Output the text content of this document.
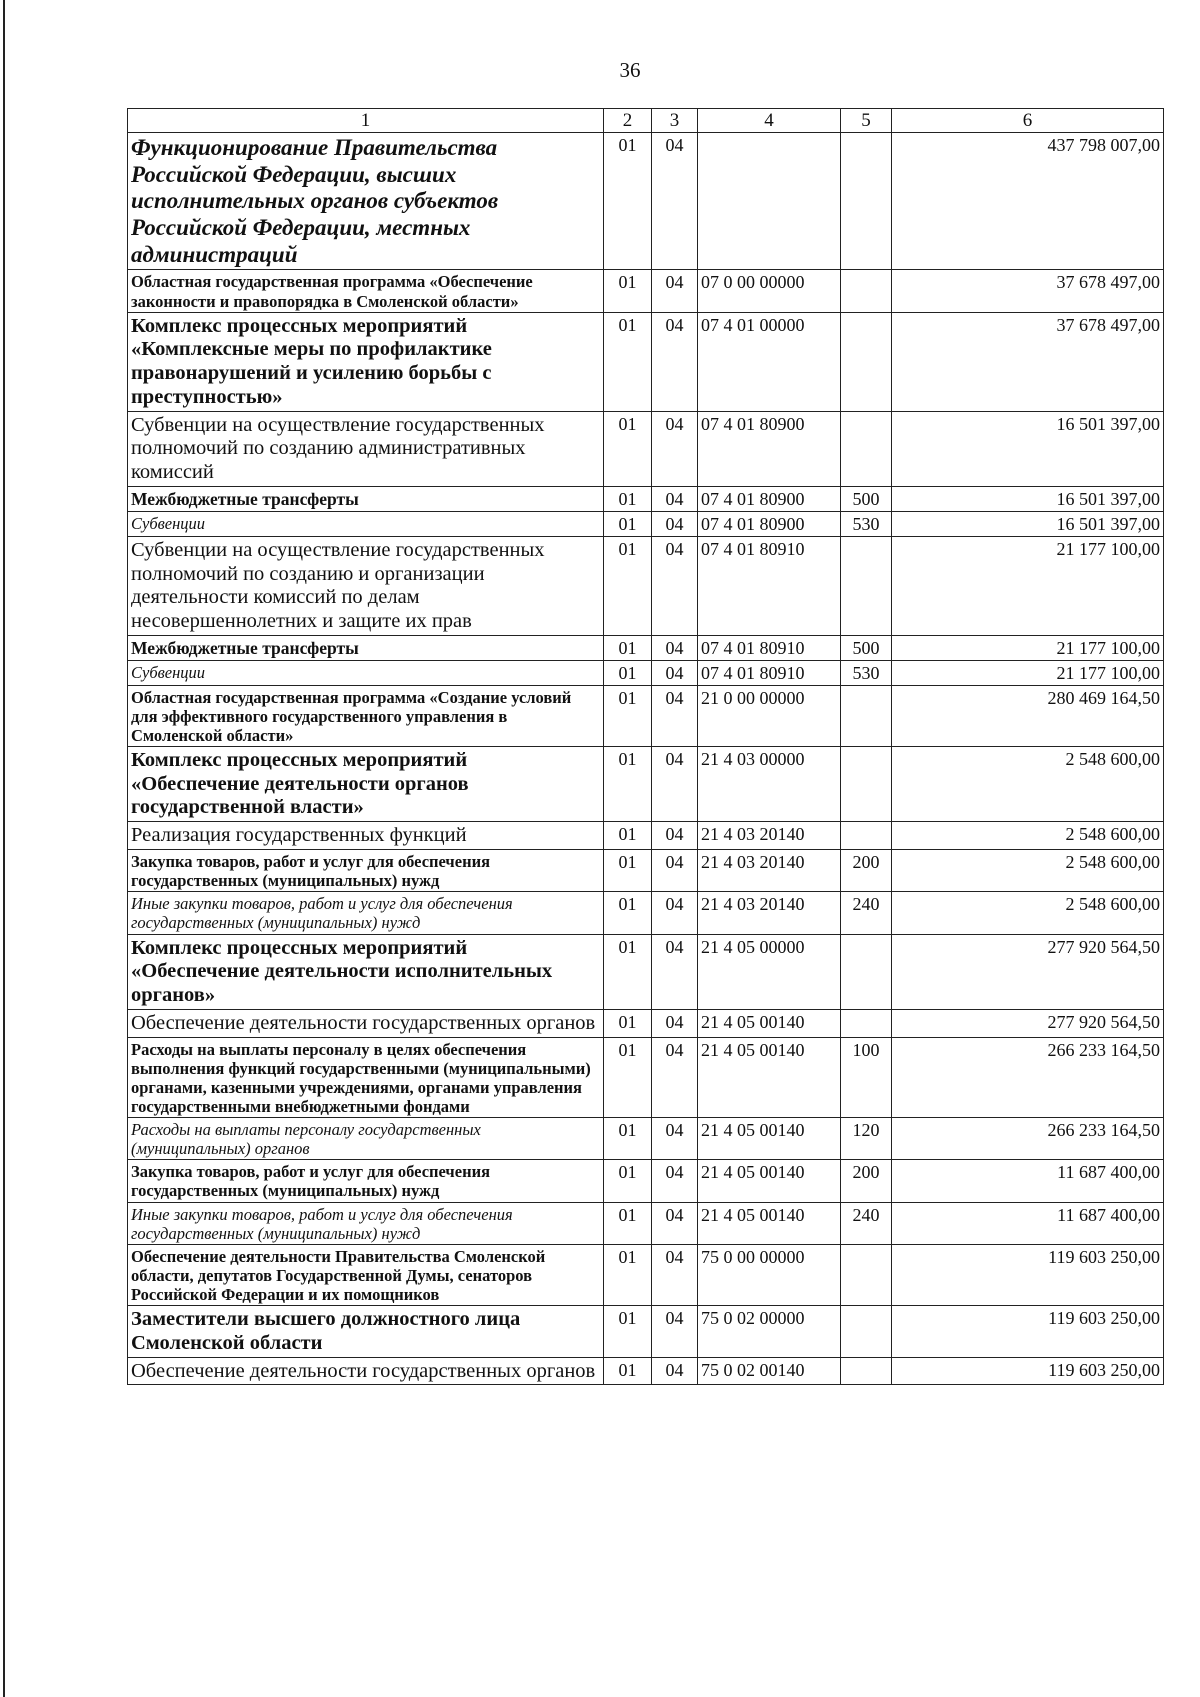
36
1	2	3	4	5	6
Функционирование Правительства Российской Федерации, высших исполнительных органов субъектов Российской Федерации, местных администраций	01	04			437 798 007,00
Областная государственная программа «Обеспечение законности и правопорядка в Смоленской области»	01	04	07 0 00 00000		37 678 497,00
Комплекс процессных мероприятий «Комплексные меры по профилактике правонарушений и усилению борьбы с преступностью»	01	04	07 4 01 00000		37 678 497,00
Субвенции на осуществление государственных полномочий по созданию административных комиссий	01	04	07 4 01 80900		16 501 397,00
Межбюджетные трансферты	01	04	07 4 01 80900	500	16 501 397,00
Субвенции	01	04	07 4 01 80900	530	16 501 397,00
Субвенции на осуществление государственных полномочий по созданию и организации деятельности комиссий по делам несовершеннолетних и защите их прав	01	04	07 4 01 80910		21 177 100,00
Межбюджетные трансферты	01	04	07 4 01 80910	500	21 177 100,00
Субвенции	01	04	07 4 01 80910	530	21 177 100,00
Областная государственная программа «Создание условий для эффективного государственного управления в Смоленской области»	01	04	21 0 00 00000		280 469 164,50
Комплекс процессных мероприятий «Обеспечение деятельности органов государственной власти»	01	04	21 4 03 00000		2 548 600,00
Реализация государственных функций	01	04	21 4 03 20140		2 548 600,00
Закупка товаров, работ и услуг для обеспечения государственных (муниципальных) нужд	01	04	21 4 03 20140	200	2 548 600,00
Иные закупки товаров, работ и услуг для обеспечения государственных (муниципальных) нужд	01	04	21 4 03 20140	240	2 548 600,00
Комплекс процессных мероприятий «Обеспечение деятельности исполнительных органов»	01	04	21 4 05 00000		277 920 564,50
Обеспечение деятельности государственных органов	01	04	21 4 05 00140		277 920 564,50
Расходы на выплаты персоналу в целях обеспечения выполнения функций государственными (муниципальными) органами, казенными учреждениями, органами управления государственными внебюджетными фондами	01	04	21 4 05 00140	100	266 233 164,50
Расходы на выплаты персоналу государственных (муниципальных) органов	01	04	21 4 05 00140	120	266 233 164,50
Закупка товаров, работ и услуг для обеспечения государственных (муниципальных) нужд	01	04	21 4 05 00140	200	11 687 400,00
Иные закупки товаров, работ и услуг для обеспечения государственных (муниципальных) нужд	01	04	21 4 05 00140	240	11 687 400,00
Обеспечение деятельности Правительства Смоленской области, депутатов Государственной Думы, сенаторов Российской Федерации и их помощников	01	04	75 0 00 00000		119 603 250,00
Заместители высшего должностного лица Смоленской области	01	04	75 0 02 00000		119 603 250,00
Обеспечение деятельности государственных органов	01	04	75 0 02 00140		119 603 250,00
